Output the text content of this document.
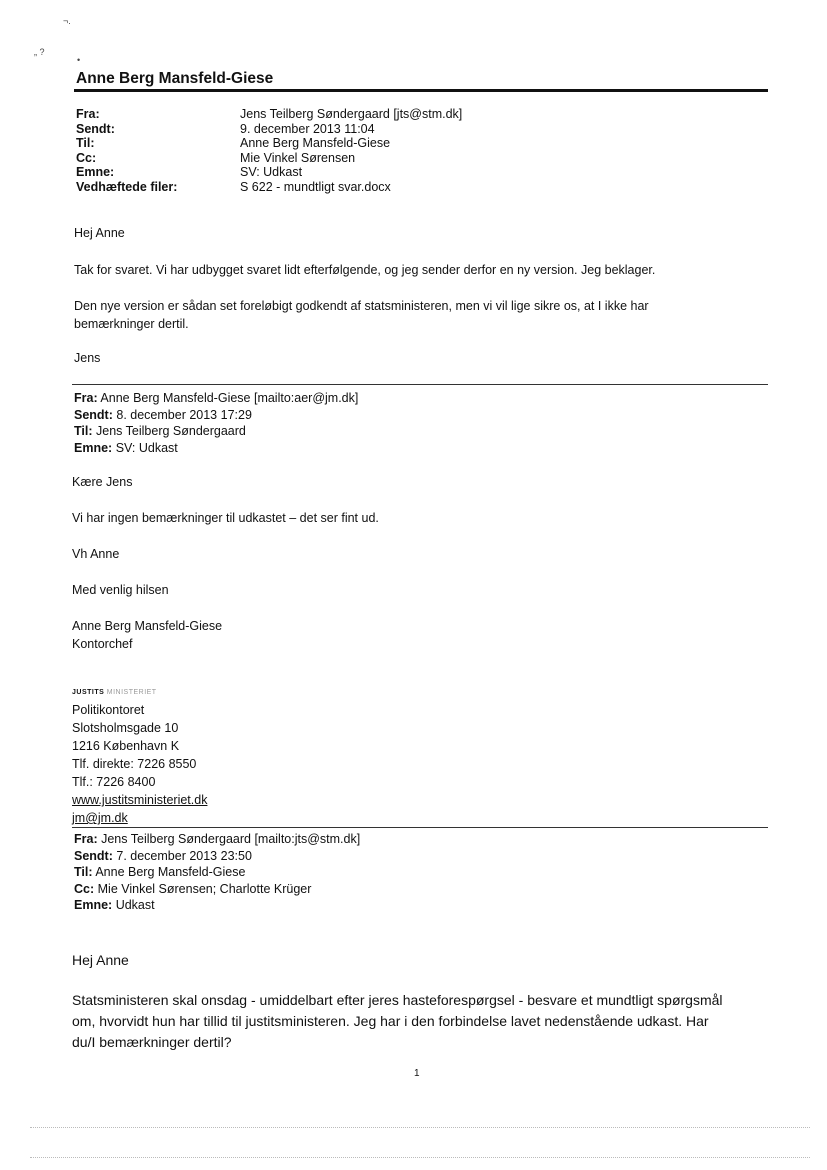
¬.
„ ?
•
Anne Berg Mansfeld-Giese
Fra:
Sendt:
Til:
Cc:
Emne:
Vedhæftede filer:
Jens Teilberg Søndergaard [jts@stm.dk]
9. december 2013 11:04
Anne Berg Mansfeld-Giese
Mie Vinkel Sørensen
SV: Udkast
S 622 - mundtligt svar.docx
Hej Anne
Tak for svaret. Vi har udbygget svaret lidt efterfølgende, og jeg sender derfor en ny version. Jeg beklager.
Den nye version er sådan set foreløbigt godkendt af statsministeren, men vi vil lige sikre os, at I ikke har
bemærkninger dertil.
Jens
Fra: Anne Berg Mansfeld-Giese [mailto:aer@jm.dk]
Sendt: 8. december 2013 17:29
Til: Jens Teilberg Søndergaard
Emne: SV: Udkast
Kære Jens
Vi har ingen bemærkninger til udkastet – det ser fint ud.
Vh Anne
Med venlig hilsen
Anne Berg Mansfeld-Giese
Kontorchef
JUSTITS MINISTERIET
Politikontoret
Slotsholmsgade 10
1216 København K
Tlf. direkte: 7226 8550
Tlf.: 7226 8400
www.justitsministeriet.dk
jm@jm.dk
Fra: Jens Teilberg Søndergaard [mailto:jts@stm.dk]
Sendt: 7. december 2013 23:50
Til: Anne Berg Mansfeld-Giese
Cc: Mie Vinkel Sørensen; Charlotte Krüger
Emne: Udkast
Hej Anne
Statsministeren skal onsdag - umiddelbart efter jeres hasteforespørgsel - besvare et mundtligt spørgsmål
om, hvorvidt hun har tillid til justitsministeren. Jeg har i den forbindelse lavet nedenstående udkast. Har
du/I bemærkninger dertil?
1
